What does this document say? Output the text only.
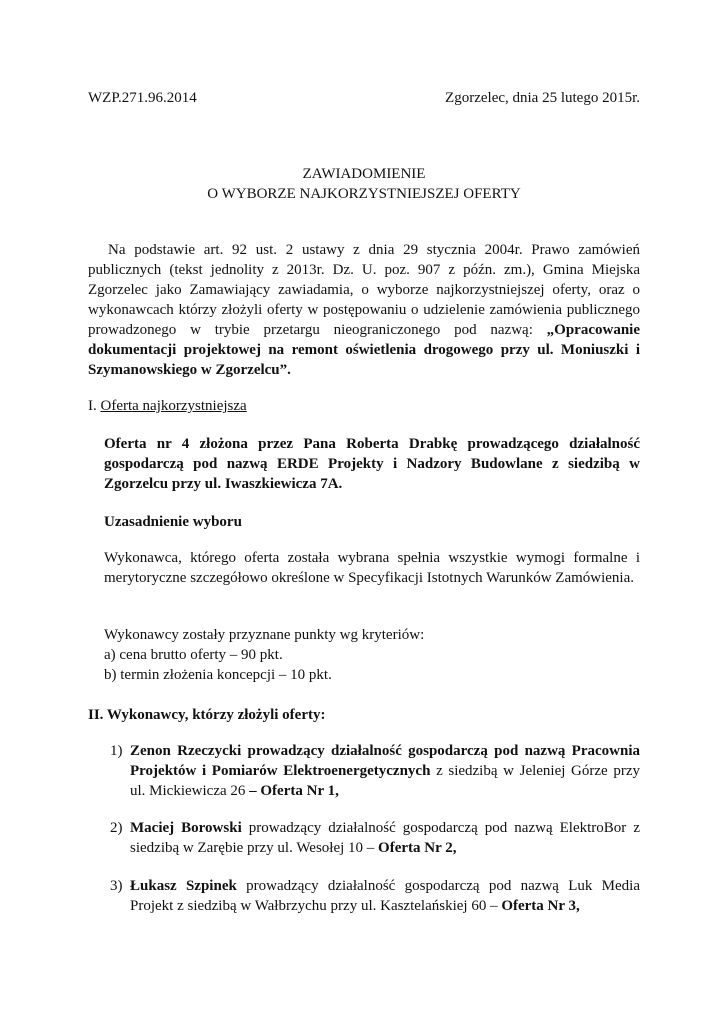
WZP.271.96.2014	Zgorzelec, dnia 25 lutego 2015r.
ZAWIADOMIENIE
O WYBORZE NAJKORZYSTNIEJSZEJ OFERTY

Na podstawie art. 92 ust. 2 ustawy z dnia 29 stycznia 2004r. Prawo zamówień publicznych (tekst jednolity z 2013r. Dz. U. poz. 907 z późn. zm.), Gmina Miejska Zgorzelec jako Zamawiający zawiadamia, o wyborze najkorzystniejszej oferty, oraz o wykonawcach którzy złożyli oferty w postępowaniu o udzielenie zamówienia publicznego prowadzonego w trybie przetargu nieograniczonego pod nazwą: „Opracowanie dokumentacji projektowej na remont oświetlenia drogowego przy ul. Moniuszki i Szymanowskiego w Zgorzelcu”.

I. Oferta najkorzystniejsza
Oferta nr 4 złożona przez Pana Roberta Drabkę prowadzącego działalność gospodarczą pod nazwą ERDE Projekty i Nadzory Budowlane z siedzibą w Zgorzelcu przy ul. Iwaszkiewicza 7A.
Uzasadnienie wyboru
Wykonawca, którego oferta została wybrana spełnia wszystkie wymogi formalne i merytoryczne szczegółowo określone w Specyfikacji Istotnych Warunków Zamówienia.
Wykonawcy zostały przyznane punkty wg kryteriów:
a) cena brutto oferty – 90 pkt.
b) termin złożenia koncepcji – 10 pkt.
II. Wykonawcy, którzy złożyli oferty:
1) Zenon Rzeczycki prowadzący działalność gospodarczą pod nazwą Pracownia Projektów i Pomiarów Elektroenergetycznych z siedzibą w Jeleniej Górze przy ul. Mickiewicza 26 – Oferta Nr 1,
2) Maciej Borowski prowadzący działalność gospodarczą pod nazwą ElektroBor z siedzibą w Zarębie przy ul. Wesołej 10 – Oferta Nr 2,
3) Łukasz Szpinek prowadzący działalność gospodarczą pod nazwą Luk Media Projekt z siedzibą w Wałbrzychu przy ul. Kasztelańskiej 60 – Oferta Nr 3,
